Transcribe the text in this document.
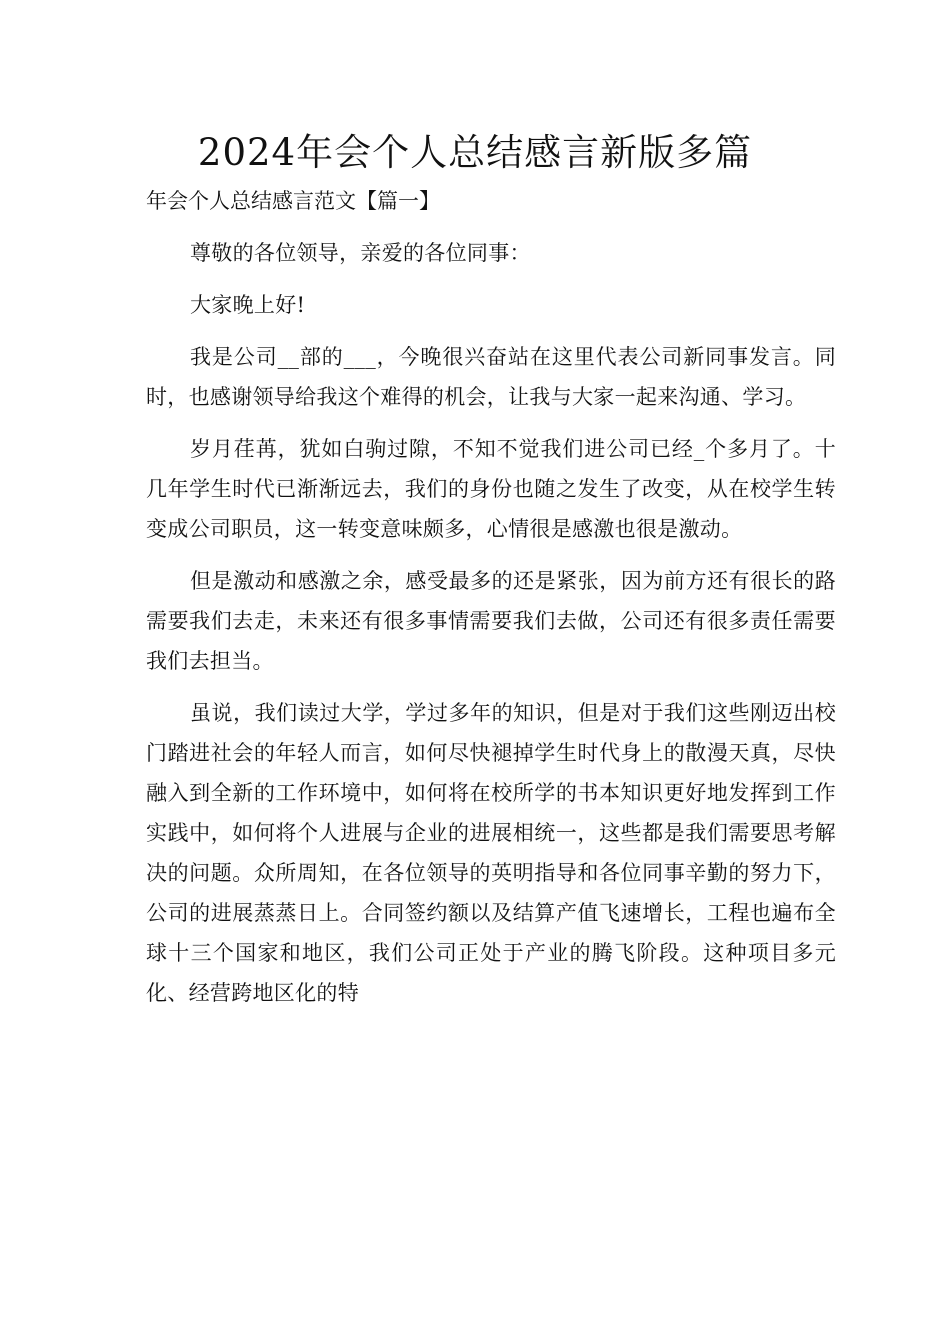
2024年会个人总结感言新版多篇

年会个人总结感言范文【篇一】

尊敬的各位领导，亲爱的各位同事：

大家晚上好!

我是公司__部的___，今晚很兴奋站在这里代表公司新同事发言。同时，也感谢领导给我这个难得的机会，让我与大家一起来沟通、学习。

岁月荏苒，犹如白驹过隙，不知不觉我们进公司已经_个多月了。十几年学生时代已渐渐远去，我们的身份也随之发生了改变，从在校学生转变成公司职员，这一转变意味颇多，心情很是感激也很是激动。

但是激动和感激之余，感受最多的还是紧张，因为前方还有很长的路需要我们去走，未来还有很多事情需要我们去做，公司还有很多责任需要我们去担当。

虽说，我们读过大学，学过多年的知识，但是对于我们这些刚迈出校门踏进社会的年轻人而言，如何尽快褪掉学生时代身上的散漫天真，尽快融入到全新的工作环境中，如何将在校所学的书本知识更好地发挥到工作实践中，如何将个人进展与企业的进展相统一，这些都是我们需要思考解决的问题。众所周知，在各位领导的英明指导和各位同事辛勤的努力下，公司的进展蒸蒸日上。合同签约额以及结算产值飞速增长，工程也遍布全球十三个国家和地区，我们公司正处于产业的腾飞阶段。这种项目多元化、经营跨地区化的特
